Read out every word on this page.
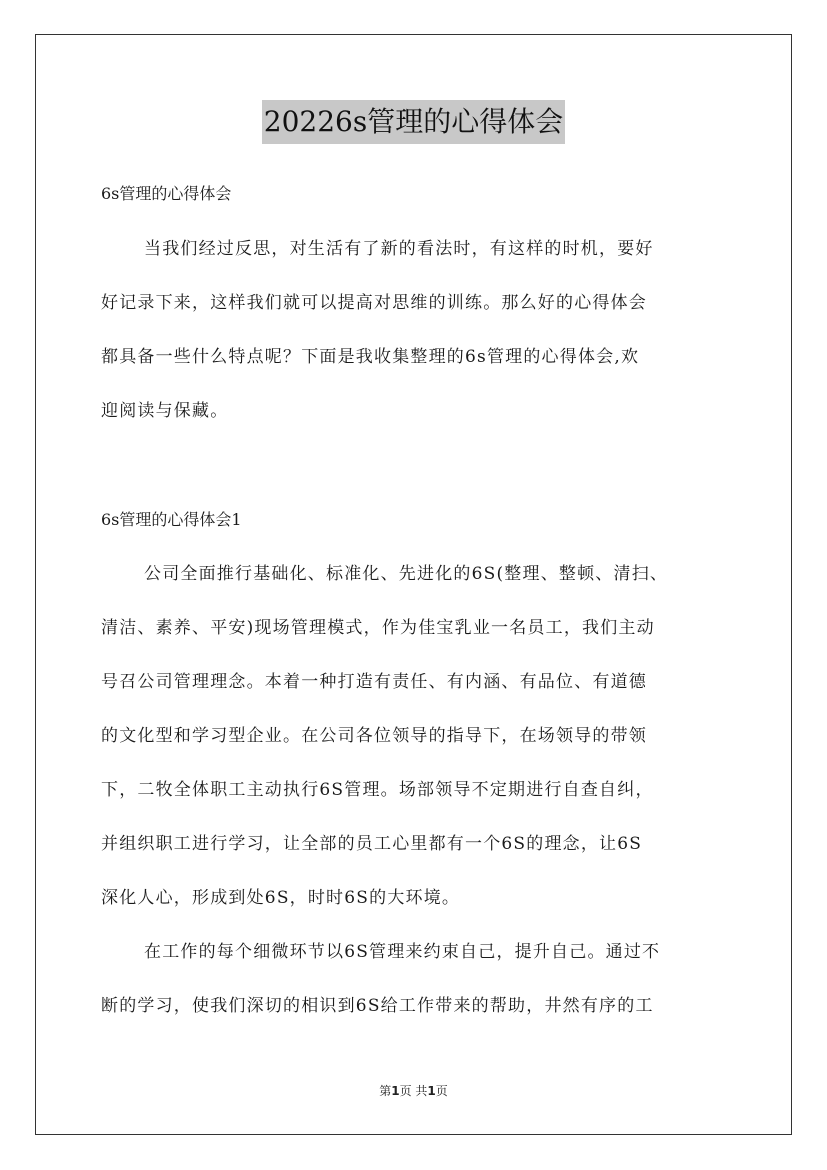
20226s管理的心得体会
6s管理的心得体会
当我们经过反思，对生活有了新的看法时，有这样的时机，要好
好记录下来，这样我们就可以提高对思维的训练。那么好的心得体会
都具备一些什么特点呢？下面是我收集整理的6s管理的心得体会,欢
迎阅读与保藏。
6s管理的心得体会1
公司全面推行基础化、标准化、先进化的6S(整理、整顿、清扫、
清洁、素养、平安)现场管理模式，作为佳宝乳业一名员工，我们主动
号召公司管理理念。本着一种打造有责任、有内涵、有品位、有道德
的文化型和学习型企业。在公司各位领导的指导下，在场领导的带领
下，二牧全体职工主动执行6S管理。场部领导不定期进行自查自纠，
并组织职工进行学习，让全部的员工心里都有一个6S的理念，让6S
深化人心，形成到处6S，时时6S的大环境。
在工作的每个细微环节以6S管理来约束自己，提升自己。通过不
断的学习，使我们深切的相识到6S给工作带来的帮助，井然有序的工
第1页 共1页
